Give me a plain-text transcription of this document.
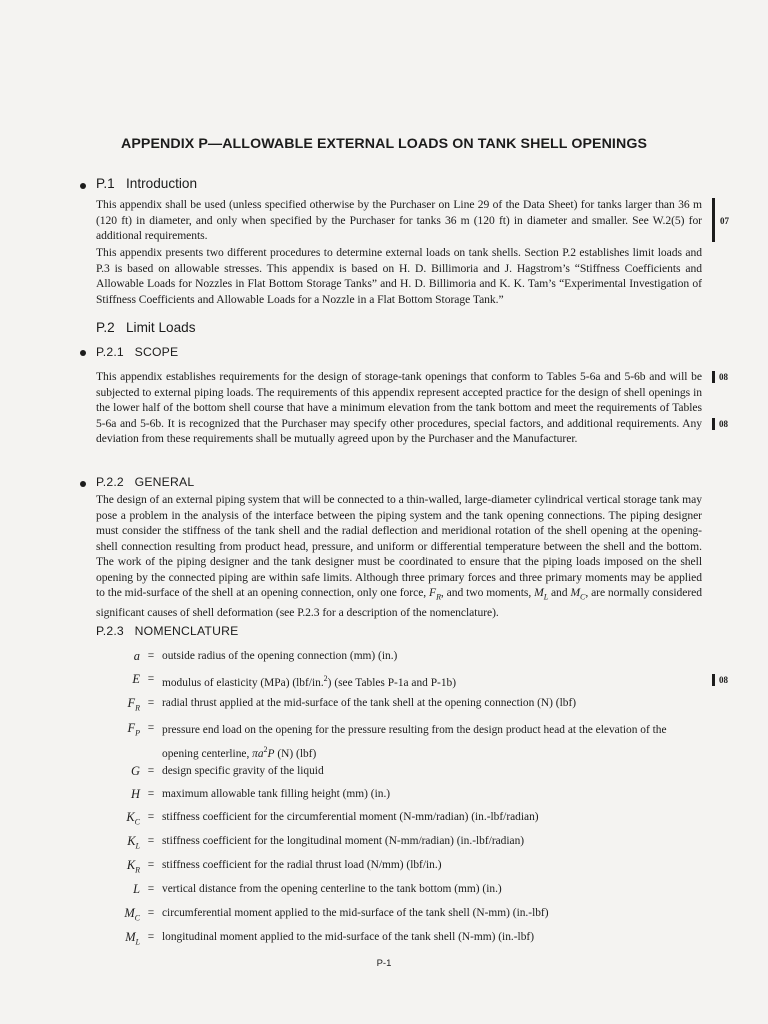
APPENDIX P—ALLOWABLE EXTERNAL LOADS ON TANK SHELL OPENINGS
P.1 Introduction
This appendix shall be used (unless specified otherwise by the Purchaser on Line 29 of the Data Sheet) for tanks larger than 36 m (120 ft) in diameter, and only when specified by the Purchaser for tanks 36 m (120 ft) in diameter and smaller. See W.2(5) for additional requirements.
This appendix presents two different procedures to determine external loads on tank shells. Section P.2 establishes limit loads and P.3 is based on allowable stresses. This appendix is based on H. D. Billimoria and J. Hagstrom’s “Stiffness Coefficients and Allowable Loads for Nozzles in Flat Bottom Storage Tanks” and H. D. Billimoria and K. K. Tam’s “Experimental Investigation of Stiffness Coefficients and Allowable Loads for a Nozzle in a Flat Bottom Storage Tank.”
07
P.2 Limit Loads
P.2.1 SCOPE
This appendix establishes requirements for the design of storage-tank openings that conform to Tables 5-6a and 5-6b and will be subjected to external piping loads. The requirements of this appendix represent accepted practice for the design of shell openings in the lower half of the bottom shell course that have a minimum elevation from the tank bottom and meet the requirements of Tables 5-6a and 5-6b. It is recognized that the Purchaser may specify other procedures, special factors, and additional requirements. Any deviation from these requirements shall be mutually agreed upon by the Purchaser and the Manufacturer.
08
08
P.2.2 GENERAL
The design of an external piping system that will be connected to a thin-walled, large-diameter cylindrical vertical storage tank may pose a problem in the analysis of the interface between the piping system and the tank opening connections. The piping designer must consider the stiffness of the tank shell and the radial deflection and meridional rotation of the shell opening at the opening-shell connection resulting from product head, pressure, and uniform or differential temperature between the shell and the bottom. The work of the piping designer and the tank designer must be coordinated to ensure that the piping loads imposed on the shell opening by the connected piping are within safe limits. Although three primary forces and three primary moments may be applied to the mid-surface of the shell at an opening connection, only one force, $F_R$, and two moments, $M_L$ and $M_C$, are normally considered significant causes of shell deformation (see P.2.3 for a description of the nomenclature).
P.2.3 NOMENCLATURE
a = outside radius of the opening connection (mm) (in.)
E = modulus of elasticity (MPa) (lbf/in.$^2$) (see Tables P-1a and P-1b)	08
$F_R$ = radial thrust applied at the mid-surface of the tank shell at the opening connection (N) (lbf)
$F_P$ = pressure end load on the opening for the pressure resulting from the design product head at the elevation of the
opening centerline, $\pi a^2P$ (N) (lbf)
G = design specific gravity of the liquid
H = maximum allowable tank filling height (mm) (in.)
$K_C$ = stiffness coefficient for the circumferential moment (N-mm/radian) (in.-lbf/radian)
$K_L$ = stiffness coefficient for the longitudinal moment (N-mm/radian) (in.-lbf/radian)
$K_R$ = stiffness coefficient for the radial thrust load (N/mm) (lbf/in.)
L = vertical distance from the opening centerline to the tank bottom (mm) (in.)
$M_C$ = circumferential moment applied to the mid-surface of the tank shell (N-mm) (in.-lbf)
$M_L$ = longitudinal moment applied to the mid-surface of the tank shell (N-mm) (in.-lbf)
P-1
